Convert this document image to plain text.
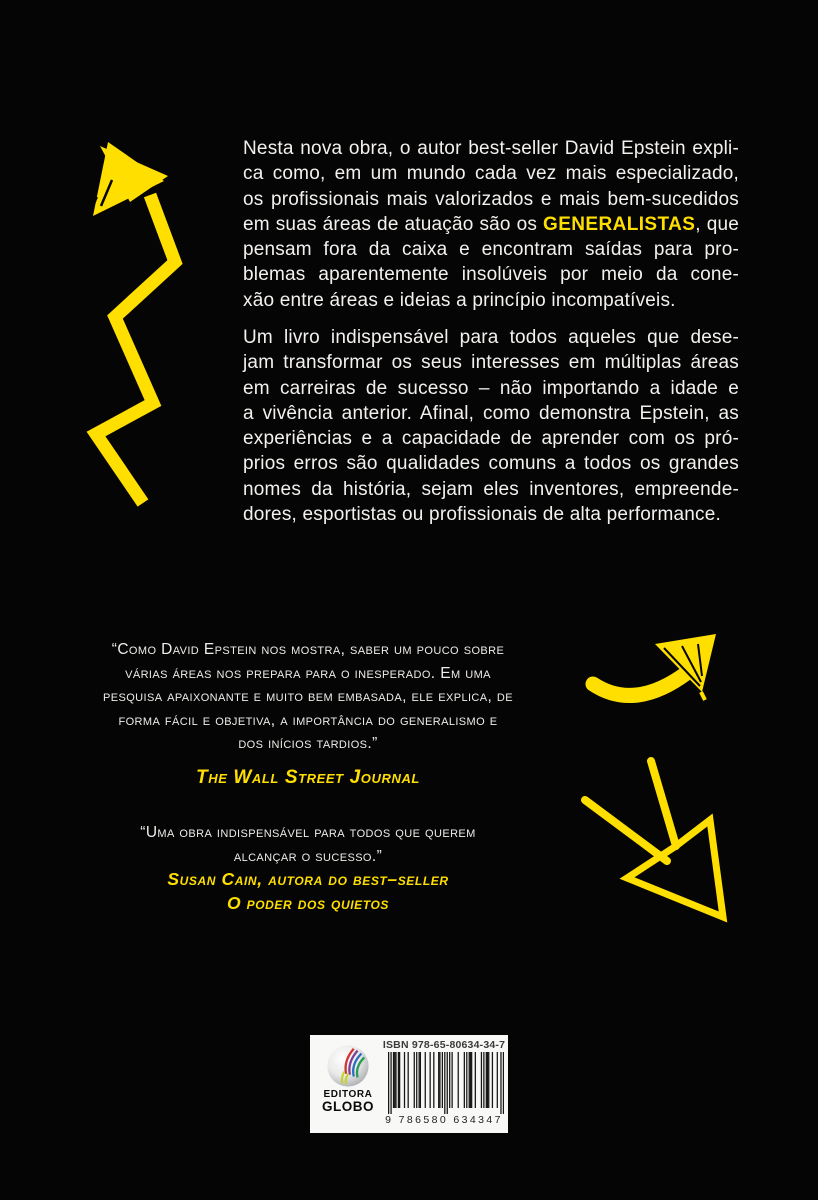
Nesta nova obra, o autor best-seller David Epstein expli-
ca como, em um mundo cada vez mais especializado,
os profissionais mais valorizados e mais bem-sucedidos
em suas áreas de atuação são os GENERALISTAS, que
pensam fora da caixa e encontram saídas para pro-
blemas aparentemente insolúveis por meio da cone-
xão entre áreas e ideias a princípio incompatíveis.
Um livro indispensável para todos aqueles que dese-
jam transformar os seus interesses em múltiplas áreas
em carreiras de sucesso – não importando a idade e
a vivência anterior. Afinal, como demonstra Epstein, as
experiências e a capacidade de aprender com os pró-
prios erros são qualidades comuns a todos os grandes
nomes da história, sejam eles inventores, empreende-
dores, esportistas ou profissionais de alta performance.
“Como David Epstein nos mostra, saber um pouco sobre
várias áreas nos prepara para o inesperado. Em uma
pesquisa apaixonante e muito bem embasada, ele explica, de
forma fácil e objetiva, a importância do generalismo e
dos inícios tardios.”
The Wall Street Journal
“Uma obra indispensável para todos que querem
alcançar o sucesso.”
Susan Cain, autora do best–seller
O poder dos quietos
ISBN 978-65-80634-34-7
EDITORA
GLOBO
9 786580 634347
